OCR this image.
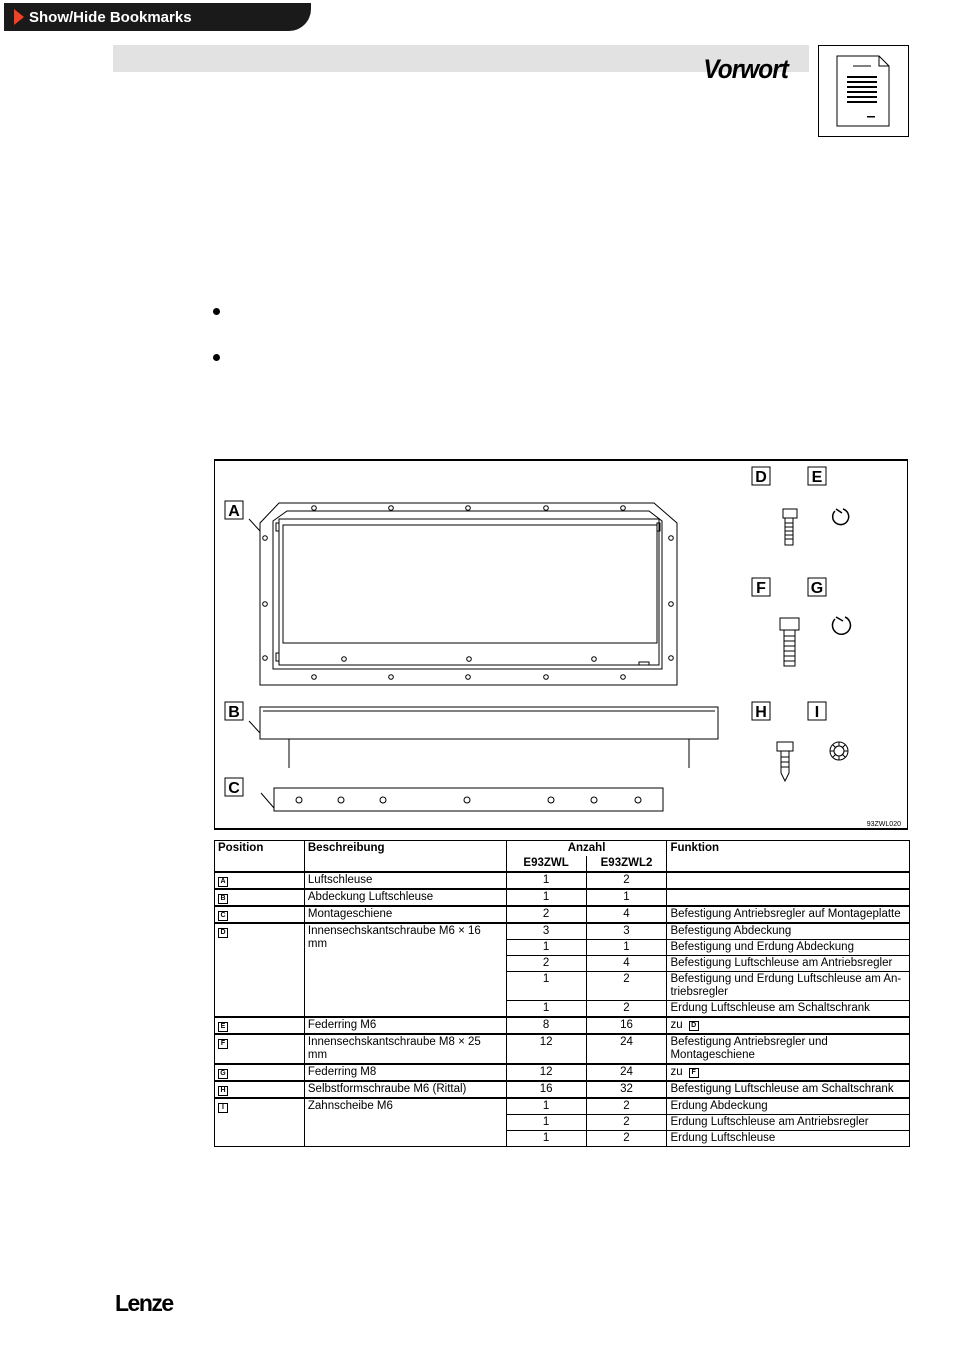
Show/Hide Bookmarks
Vorwort
A
B
C
D	E
F	G
H	I
93ZWL020
Position	Beschreibung	Anzahl		Funktion
		E93ZWL	E93ZWL2	
A	Luftschleuse	1	2	
B	Abdeckung Luftschleuse	1	1	
C	Montageschiene	2	4	Befestigung Antriebsregler auf Montageplatte
D	Innensechskantschraube M6 × 16 mm	3	3	Befestigung Abdeckung
		1	1	Befestigung und Erdung Abdeckung
		2	4	Befestigung Luftschleuse am Antriebsregler
		1	2	Befestigung und Erdung Luftschleuse am An-
triebsregler
		1	2	Erdung Luftschleuse am Schaltschrank
E	Federring M6	8	16	zu D
F	Innensechskantschraube M8 × 25 mm	12	24	Befestigung Antriebsregler und Montageschiene
G	Federring M8	12	24	zu F
H	Selbstformschraube M6 (Rittal)	16	32	Befestigung Luftschleuse am Schaltschrank
I	Zahnscheibe M6	1	2	Erdung Abdeckung
		1	2	Erdung Luftschleuse am Antriebsregler
		1	2	Erdung Luftschleuse
Lenze
